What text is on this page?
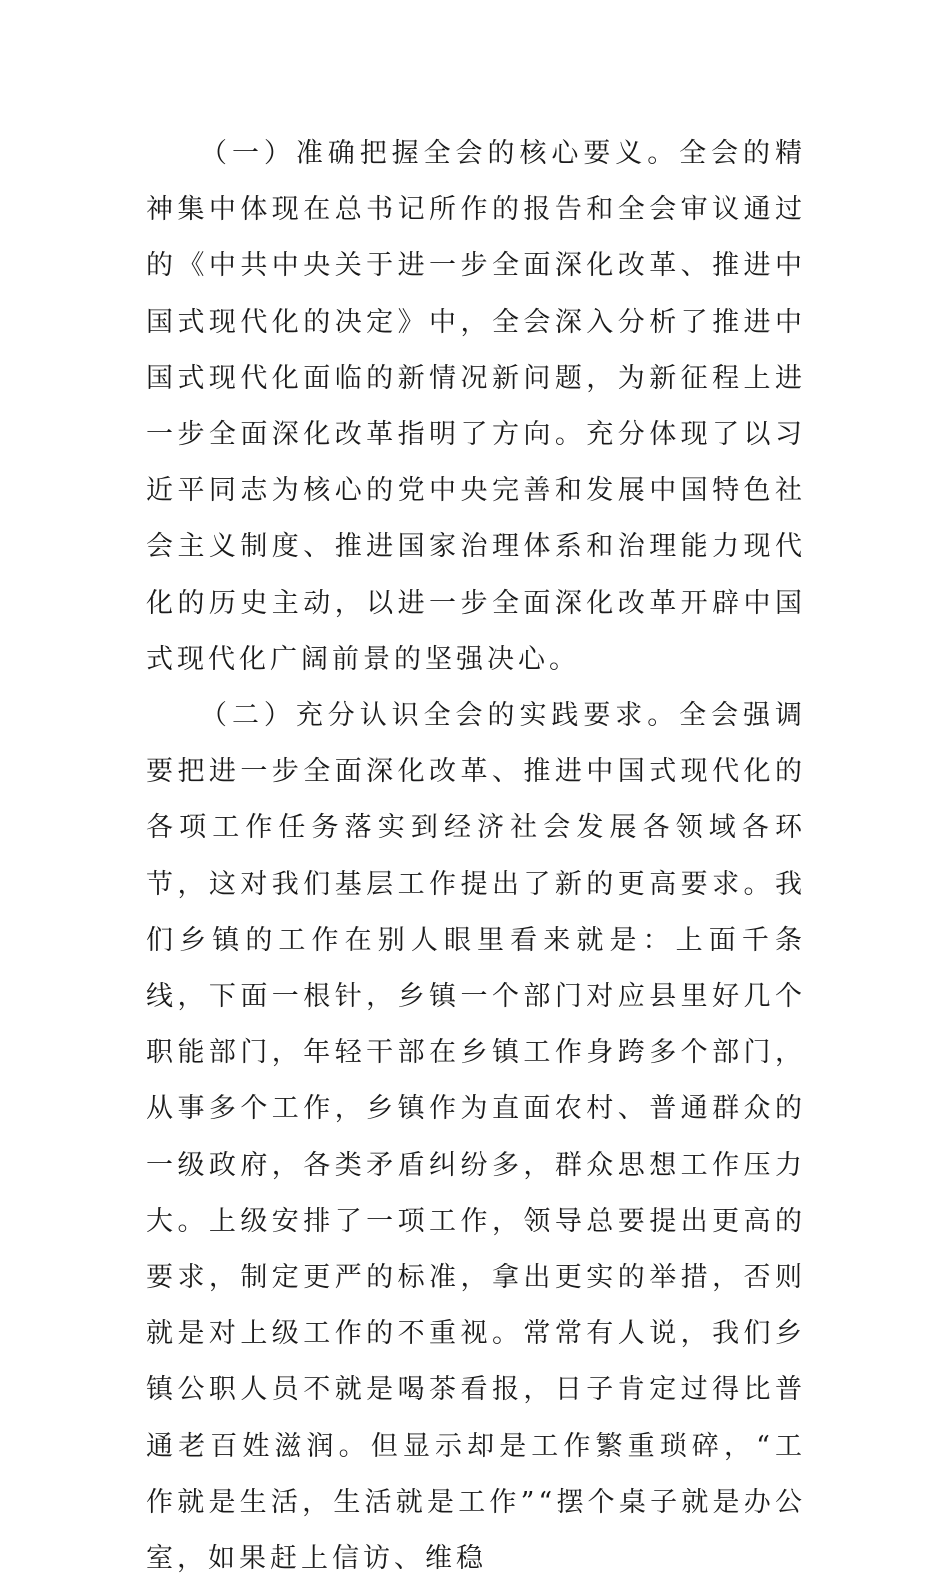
（一）准确把握全会的核心要义。全会的精神集中体现在总书记所作的报告和全会审议通过的《中共中央关于进一步全面深化改革、推进中国式现代化的决定》中，全会深入分析了推进中国式现代化面临的新情况新问题，为新征程上进一步全面深化改革指明了方向。充分体现了以习近平同志为核心的党中央完善和发展中国特色社会主义制度、推进国家治理体系和治理能力现代化的历史主动，以进一步全面深化改革开辟中国式现代化广阔前景的坚强决心。

（二）充分认识全会的实践要求。全会强调要把进一步全面深化改革、推进中国式现代化的各项工作任务落实到经济社会发展各领域各环节，这对我们基层工作提出了新的更高要求。我们乡镇的工作在别人眼里看来就是：上面千条线，下面一根针，乡镇一个部门对应县里好几个职能部门，年轻干部在乡镇工作身跨多个部门，从事多个工作，乡镇作为直面农村、普通群众的一级政府，各类矛盾纠纷多，群众思想工作压力大。上级安排了一项工作，领导总要提出更高的要求，制定更严的标准，拿出更实的举措，否则就是对上级工作的不重视。常常有人说，我们乡镇公职人员不就是喝茶看报，日子肯定过得比普通老百姓滋润。但显示却是工作繁重琐碎，“工作就是生活，生活就是工作”“摆个桌子就是办公室，如果赶上信访、维稳
